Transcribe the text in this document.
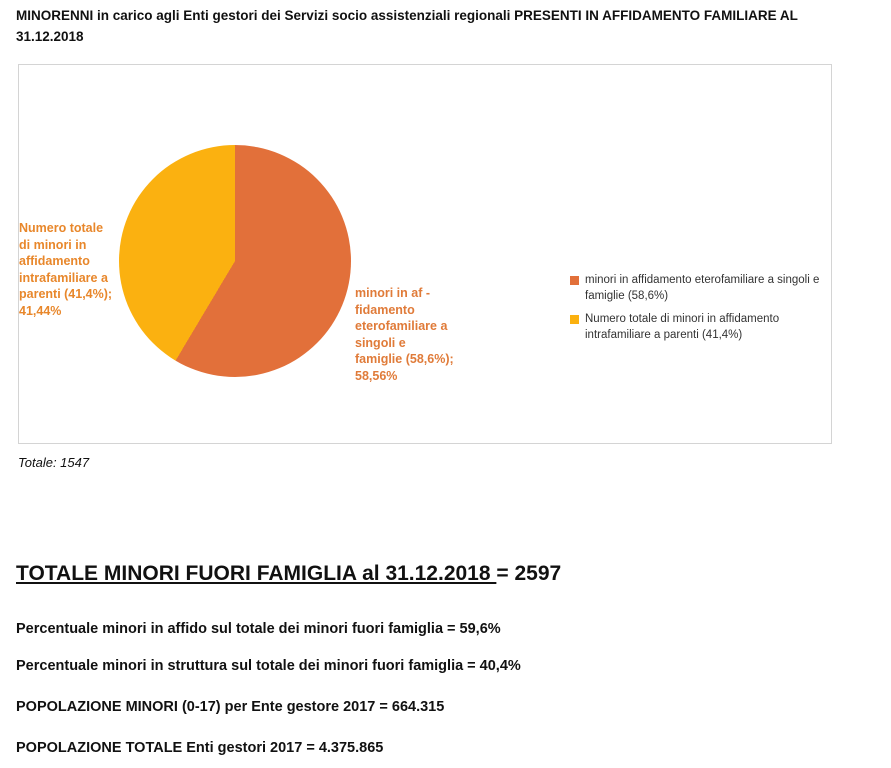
MINORENNI in carico agli Enti gestori dei Servizi socio assistenziali regionali PRESENTI IN AFFIDAMENTO FAMILIARE AL 31.12.2018
Numero totale di minori in affidamento intrafamiliare a parenti (41,4%); 41,44%
minori in af -fidamento eterofamiliare a singoli e famiglie (58,6%); 58,56%
minori in affidamento eterofamiliare a singoli e famiglie (58,6%)
Numero totale di minori in affidamento intrafamiliare a parenti (41,4%)
Totale: 1547
TOTALE MINORI FUORI FAMIGLIA al 31.12.2018 = 2597
Percentuale minori in affido sul totale dei minori fuori famiglia = 59,6%
Percentuale minori in struttura sul totale dei minori fuori famiglia = 40,4%
POPOLAZIONE MINORI (0-17) per Ente gestore 2017 = 664.315
POPOLAZIONE TOTALE Enti gestori 2017 = 4.375.865
